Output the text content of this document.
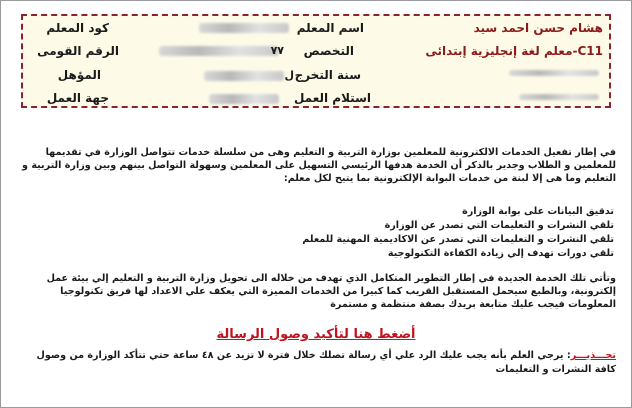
هشام حسن احمد سيد
اسم المعلم
كود المعلم
C11-معلم لغة إنجليزية إبتدائى
التخصص
٧٧
الرقم القومى
سنة التخرج
ل
المؤهل
استلام العمل
جهة العمل
في إطار تفعيل الخدمات الالكترونية للمعلمين بوزارة التربية و التعليم وهى من سلسلة خدمات تتواصل الوزارة في تقديمها للمعلمين و الطلاب وجدير بالذكر أن الخدمة هدفها الرئيسي التسهيل على المعلمين وسهولة التواصل بينهم وبين وزارة التربية و التعليم وما هى إلا لبنة من خدمات البوابة الإلكترونية بما يتيح لكل معلم:
تدقيق البيانات على بوابة الوزارة
تلقي النشرات و التعليمات التي تصدر عن الوزارة
تلقي النشرات و التعليمات التي تصدر عن الاكاديمية المهنية للمعلم
تلقي دورات تهدف إلي زيادة الكفاءة التكنولوجية
وتأتي تلك الخدمة الجديدة في إطار التطوير المتكامل الذي تهدف من خلاله الى تحويل وزارة التربية و التعليم إلي بيئة عمل إلكترونية، وبالطبع سيحمل المستقبل القريب كما كبيرا من الخدمات المميزة التي يعكف علي الاعداد لها فريق تكنولوجيا المعلومات فيجب عليك متابعة بريدك بصفة منتظمة و مستمرة
أضغط هنا لتأكيد وصول الرسالة
تحـــذيـــر: يرجي العلم بأنه يجب عليك الرد علي أي رسالة تصلك خلال فترة لا تزيد عن ٤٨ ساعة حتي تتأكد الوزارة من وصول كافة النشرات و التعليمات
